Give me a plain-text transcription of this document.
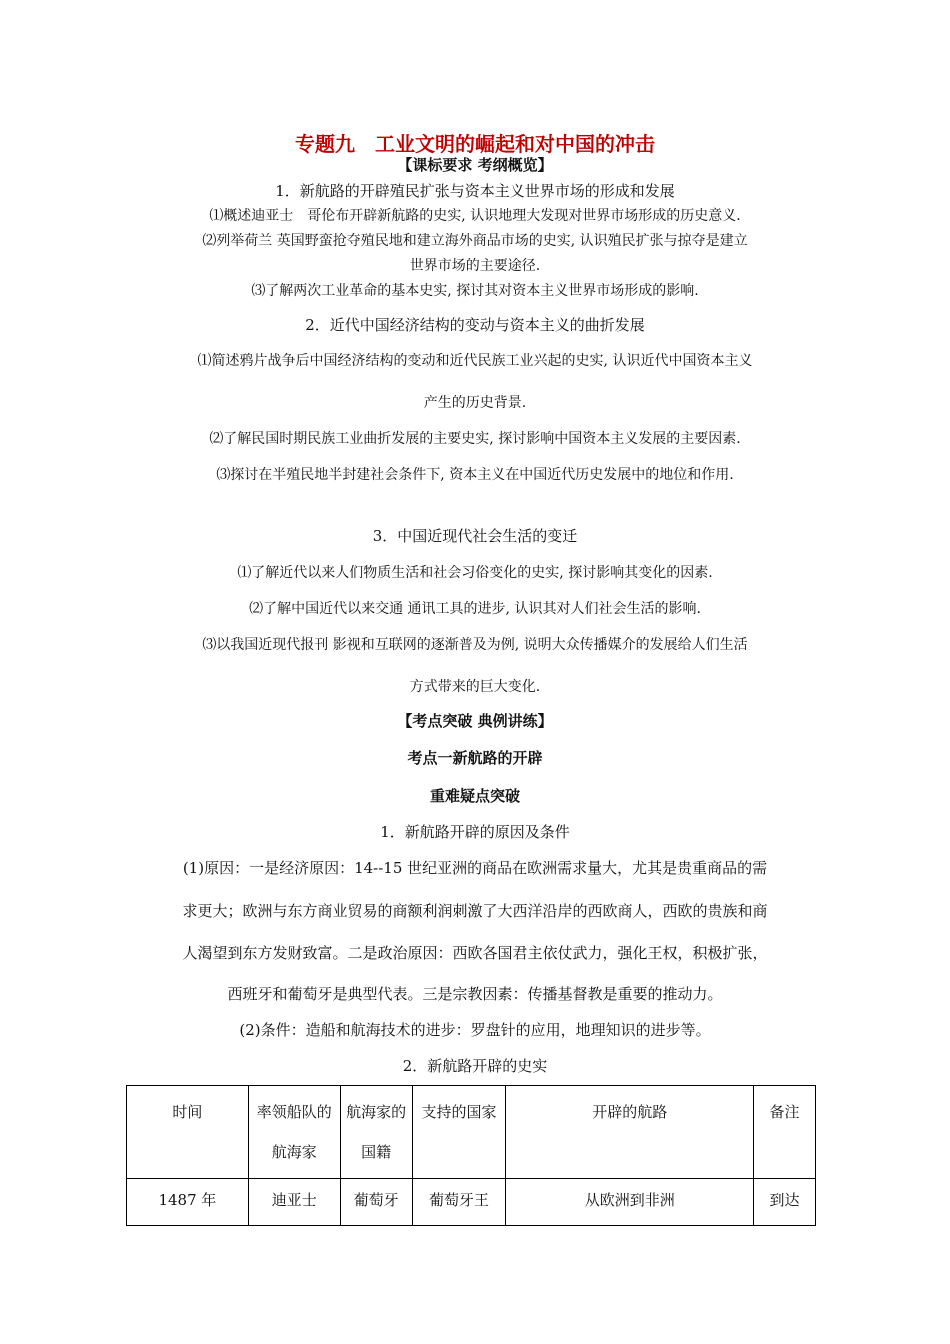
专题九　工业文明的崛起和对中国的冲击
【课标要求 考纲概览】
1．新航路的开辟殖民扩张与资本主义世界市场的形成和发展
⑴概述迪亚士　哥伦布开辟新航路的史实, 认识地理大发现对世界市场形成的历史意义.
⑵列举荷兰 英国野蛮抢夺殖民地和建立海外商品市场的史实, 认识殖民扩张与掠夺是建立
世界市场的主要途径.
⑶了解两次工业革命的基本史实, 探讨其对资本主义世界市场形成的影响.
2．近代中国经济结构的变动与资本主义的曲折发展
⑴简述鸦片战争后中国经济结构的变动和近代民族工业兴起的史实, 认识近代中国资本主义
产生的历史背景.
⑵了解民国时期民族工业曲折发展的主要史实, 探讨影响中国资本主义发展的主要因素.
⑶探讨在半殖民地半封建社会条件下, 资本主义在中国近代历史发展中的地位和作用.
3．中国近现代社会生活的变迁
⑴了解近代以来人们物质生活和社会习俗变化的史实, 探讨影响其变化的因素.
⑵了解中国近代以来交通 通讯工具的进步, 认识其对人们社会生活的影响.
⑶以我国近现代报刊 影视和互联网的逐渐普及为例, 说明大众传播媒介的发展给人们生活
方式带来的巨大变化.
【考点突破 典例讲练】
考点一新航路的开辟
重难疑点突破
1．新航路开辟的原因及条件
(1)原因：一是经济原因：14--15 世纪亚洲的商品在欧洲需求量大，尤其是贵重商品的需
求更大；欧洲与东方商业贸易的商额利润刺激了大西洋沿岸的西欧商人，西欧的贵族和商
人渴望到东方发财致富。二是政治原因：西欧各国君主依仗武力，强化王权，积极扩张，
西班牙和葡萄牙是典型代表。三是宗教因素：传播基督教是重要的推动力。
(2)条件：造船和航海技术的进步：罗盘针的应用，地理知识的进步等。
2．新航路开辟的史实
时间	率领船队的航海家	航海家的国籍	支持的国家	开辟的航路	备注
1487 年	迪亚士	葡萄牙	葡萄牙王	从欧洲到非洲	到达
